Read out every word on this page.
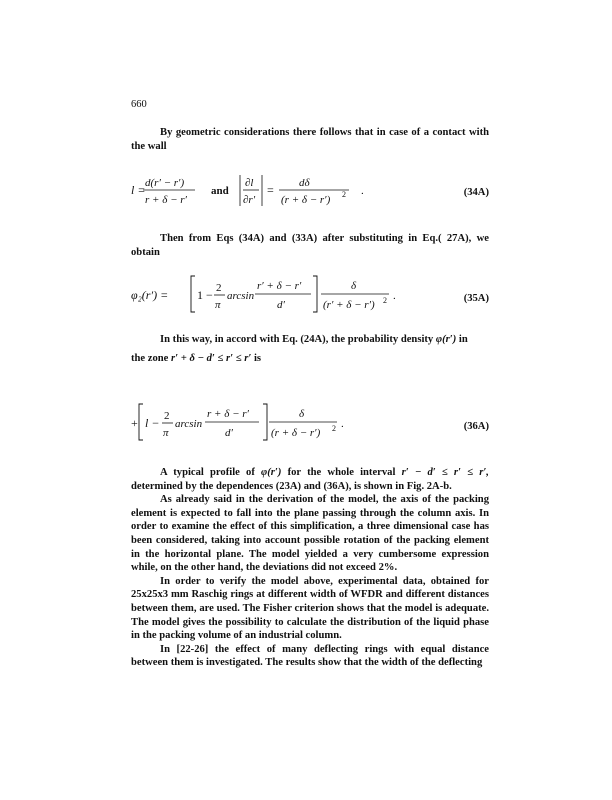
660

By geometric considerations there follows that in case of a contact with the wall

l = d(r′ − r′)
r + δ − r′
and
∂l
∂r′
= dδ
(r + δ − r′) 2 .	(34A)

Then from Eqs (34A) and (33A) after substituting in Eq.( 27A), we obtain

φ₂(r′) = 1 − 2
π
arcsin
r′ + δ − r′
d′
δ
(r′ + δ − r′) 2 .	(35A)

In this way, in accord with Eq. (24A), the probability density φ(r′) in

the zone r′ + δ − d′ ≤ r′ ≤ r′ is

+ l − 2
π
arcsin
r + δ − r′
d′
δ
(r + δ − r′) 2 .	(36A)

A typical profile of φ(r′) for the whole interval r′ − d′ ≤ r′ ≤ r′, determined by the dependences (23A) and (36A), is shown in Fig. 2A-b.

As already said in the derivation of the model, the axis of the packing element is expected to fall into the plane passing through the column axis. In order to examine the effect of this simplification, a three dimensional case has been considered, taking into account possible rotation of the packing element in the horizontal plane. The model yielded a very cumbersome expression while, on the other hand, the deviations did not exceed 2%.

In order to verify the model above, experimental data, obtained for 25x25x3 mm Raschig rings at different width of WFDR and different distances between them, are used. The Fisher criterion shows that the model is adequate. The model gives the possibility to calculate the distribution of the liquid phase in the packing volume of an industrial column.

In [22-26] the effect of many deflecting rings with equal distance between them is investigated. The results show that the width of the deflecting
